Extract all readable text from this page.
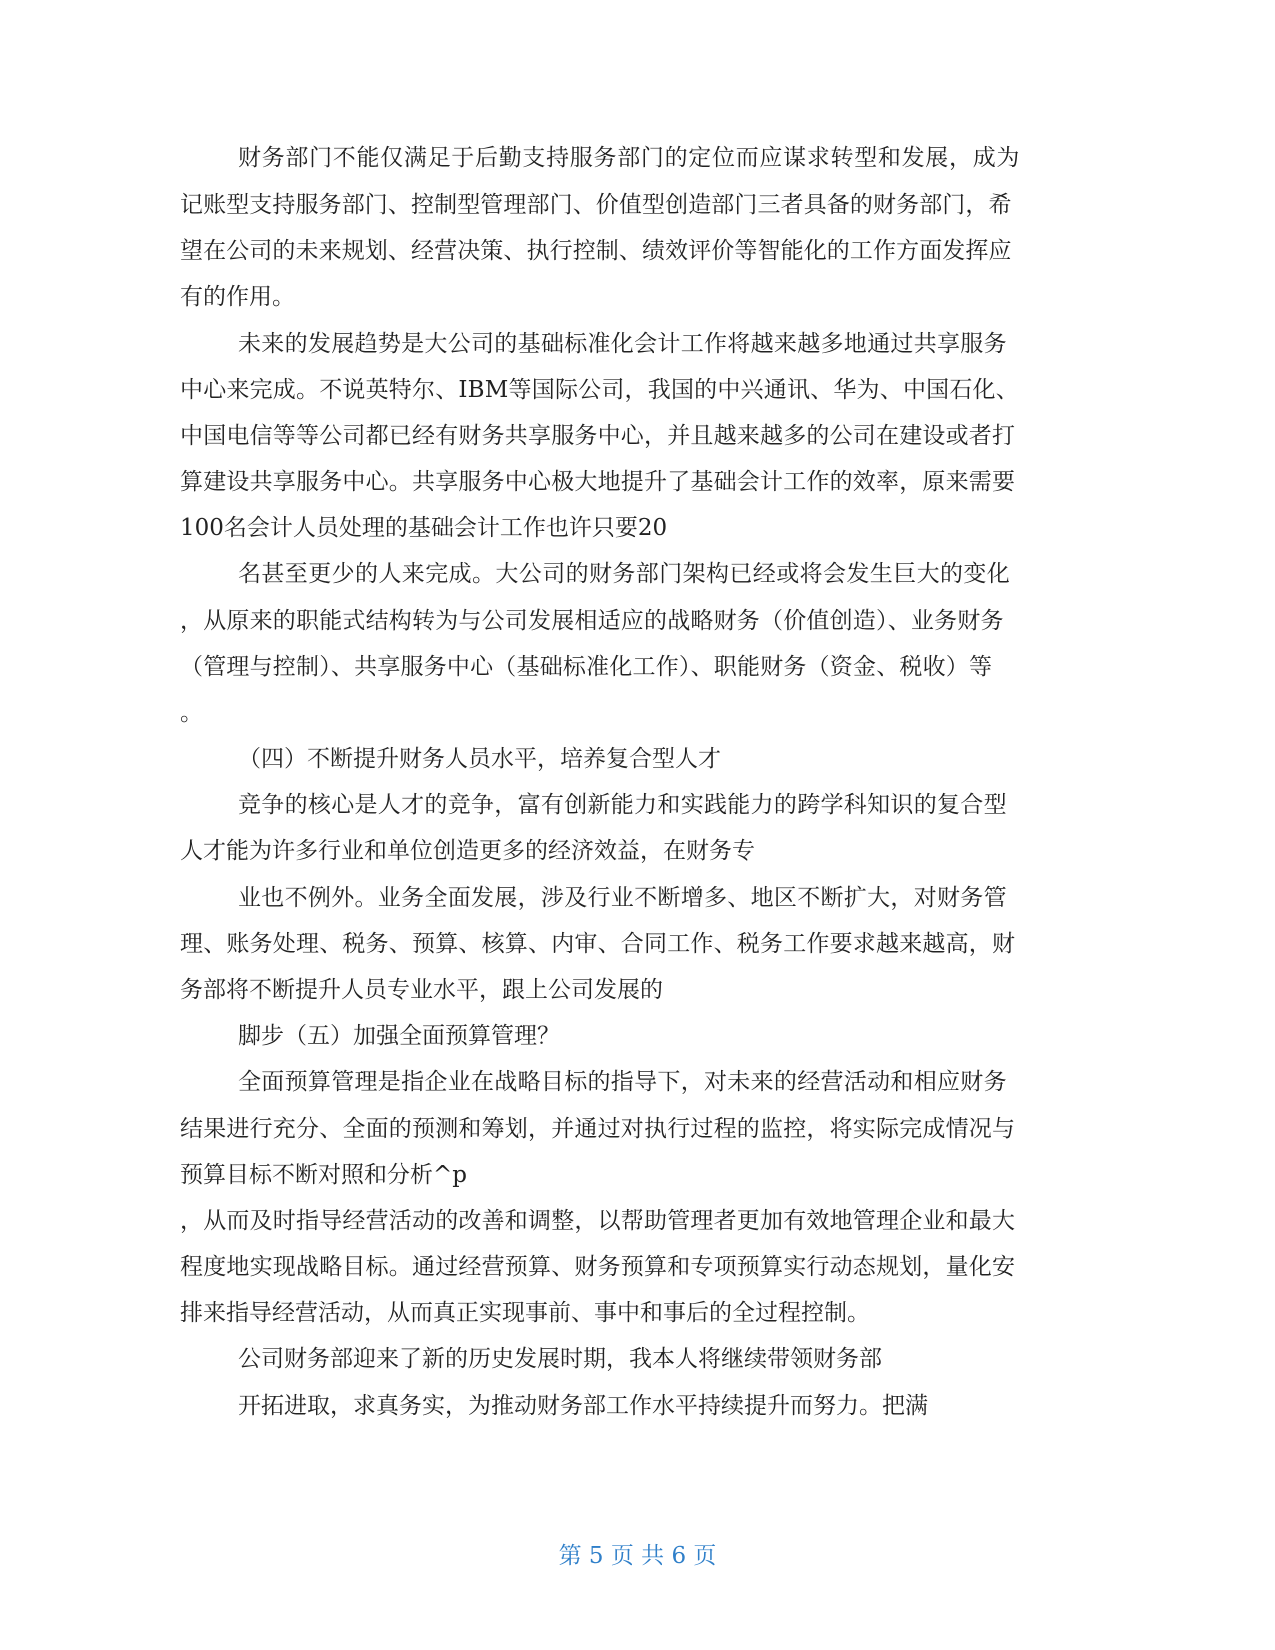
财务部门不能仅满足于后勤支持服务部门的定位而应谋求转型和发展，成为
记账型支持服务部门、控制型管理部门、价值型创造部门三者具备的财务部门，希
望在公司的未来规划、经营决策、执行控制、绩效评价等智能化的工作方面发挥应
有的作用。
未来的发展趋势是大公司的基础标准化会计工作将越来越多地通过共享服务
中心来完成。不说英特尔、IBM等国际公司，我国的中兴通讯、华为、中国石化、
中国电信等等公司都已经有财务共享服务中心，并且越来越多的公司在建设或者打
算建设共享服务中心。共享服务中心极大地提升了基础会计工作的效率，原来需要
100名会计人员处理的基础会计工作也许只要20
名甚至更少的人来完成。大公司的财务部门架构已经或将会发生巨大的变化
，从原来的职能式结构转为与公司发展相适应的战略财务（价值创造）、业务财务
（管理与控制）、共享服务中心（基础标准化工作）、职能财务（资金、税收）等
。
（四）不断提升财务人员水平，培养复合型人才
竞争的核心是人才的竞争，富有创新能力和实践能力的跨学科知识的复合型
人才能为许多行业和单位创造更多的经济效益，在财务专
业也不例外。业务全面发展，涉及行业不断增多、地区不断扩大，对财务管
理、账务处理、税务、预算、核算、内审、合同工作、税务工作要求越来越高，财
务部将不断提升人员专业水平，跟上公司发展的
脚步（五）加强全面预算管理？
全面预算管理是指企业在战略目标的指导下，对未来的经营活动和相应财务
结果进行充分、全面的预测和筹划，并通过对执行过程的监控，将实际完成情况与
预算目标不断对照和分析^p
，从而及时指导经营活动的改善和调整，以帮助管理者更加有效地管理企业和最大
程度地实现战略目标。通过经营预算、财务预算和专项预算实行动态规划，量化安
排来指导经营活动，从而真正实现事前、事中和事后的全过程控制。
公司财务部迎来了新的历史发展时期，我本人将继续带领财务部
开拓进取，求真务实，为推动财务部工作水平持续提升而努力。把满
第 5 页 共 6 页
